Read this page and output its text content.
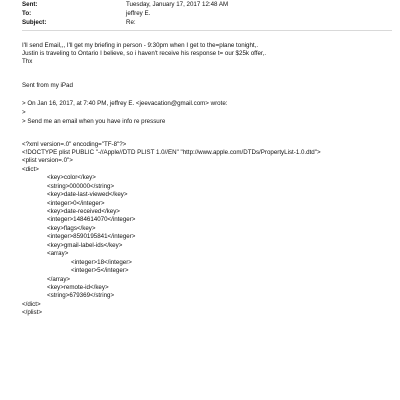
Sent:	Tuesday, January 17, 2017 12:48 AM
To:	jeffrey E.
Subject:	Re:
I'll send Email,,, I'll get my briefing in person - 9:30pm when I get to the=plane tonight,.
Justin is traveling to Ontario I believe, so i haven't receive his response t= our $25k offer,.
Thx
Sent from my iPad
> On Jan 16, 2017, at 7:40 PM, jeffrey E. <jeevacation@gmail.com> wrote:
>
> Send me an email when you have info re pressure
<?xml version=.0" encoding="TF-8"?>
<!DOCTYPE plist PUBLIC "-//Apple//DTD PLIST 1.0//EN" "http://www.apple.com/DTDs/PropertyList-1.0.dtd">
<plist version=.0">
<dict>
<key>color</key>
<string>000000</string>
<key>date-last-viewed</key>
<integer>0</integer>
<key>date-received</key>
<integer>1484614070</integer>
<key>flags</key>
<integer>8590195841</integer>
<key>gmail-label-ids</key>
<array>
<integer>18</integer>
<integer>5</integer>
</array>
<key>remote-id</key>
<string>679369</string>
</dict>
</plist>
